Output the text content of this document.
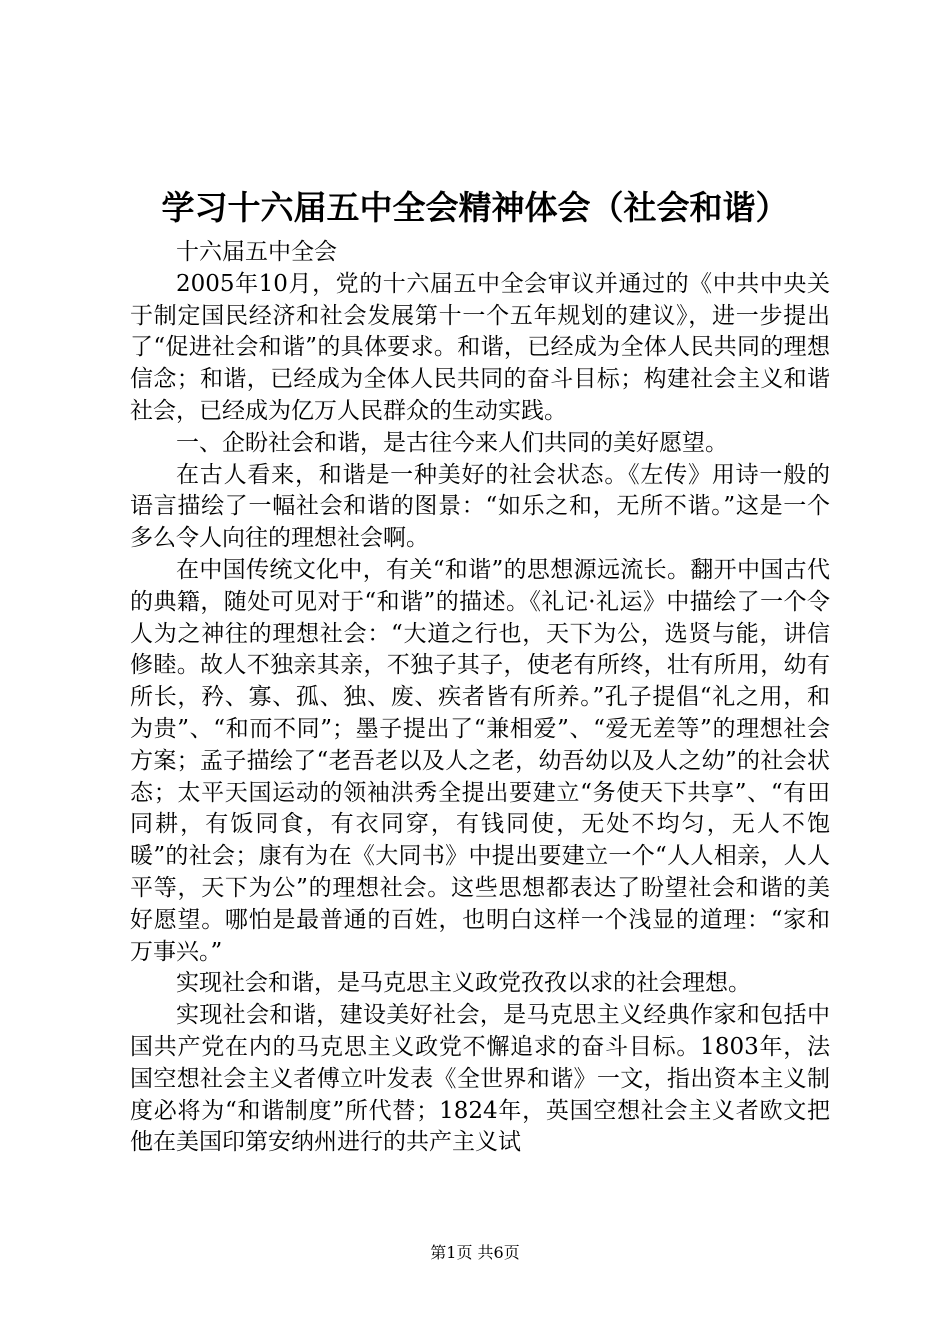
学习十六届五中全会精神体会（社会和谐）

十六届五中全会

2005年10月，党的十六届五中全会审议并通过的《中共中央关于制定国民经济和社会发展第十一个五年规划的建议》，进一步提出了“促进社会和谐”的具体要求。和谐，已经成为全体人民共同的理想信念；和谐，已经成为全体人民共同的奋斗目标；构建社会主义和谐社会，已经成为亿万人民群众的生动实践。

一、企盼社会和谐，是古往今来人们共同的美好愿望。

在古人看来，和谐是一种美好的社会状态。《左传》用诗一般的语言描绘了一幅社会和谐的图景：“如乐之和，无所不谐。”这是一个多么令人向往的理想社会啊。

在中国传统文化中，有关“和谐”的思想源远流长。翻开中国古代的典籍，随处可见对于“和谐”的描述。《礼记·礼运》中描绘了一个令人为之神往的理想社会：“大道之行也，天下为公，选贤与能，讲信修睦。故人不独亲其亲，不独子其子，使老有所终，壮有所用，幼有所长，矜、寡、孤、独、废、疾者皆有所养。”孔子提倡“礼之用，和为贵”、“和而不同”；墨子提出了“兼相爱”、“爱无差等”的理想社会方案；孟子描绘了“老吾老以及人之老，幼吾幼以及人之幼”的社会状态；太平天国运动的领袖洪秀全提出要建立“务使天下共享”、“有田同耕，有饭同食，有衣同穿，有钱同使，无处不均匀，无人不饱暖”的社会；康有为在《大同书》中提出要建立一个“人人相亲，人人平等，天下为公”的理想社会。这些思想都表达了盼望社会和谐的美好愿望。哪怕是最普通的百姓，也明白这样一个浅显的道理：“家和万事兴。”

实现社会和谐，是马克思主义政党孜孜以求的社会理想。

实现社会和谐，建设美好社会，是马克思主义经典作家和包括中国共产党在内的马克思主义政党不懈追求的奋斗目标。1803年，法国空想社会主义者傅立叶发表《全世界和谐》一文，指出资本主义制度必将为“和谐制度”所代替；1824年，英国空想社会主义者欧文把他在美国印第安纳州进行的共产主义试

第1页 共6页
